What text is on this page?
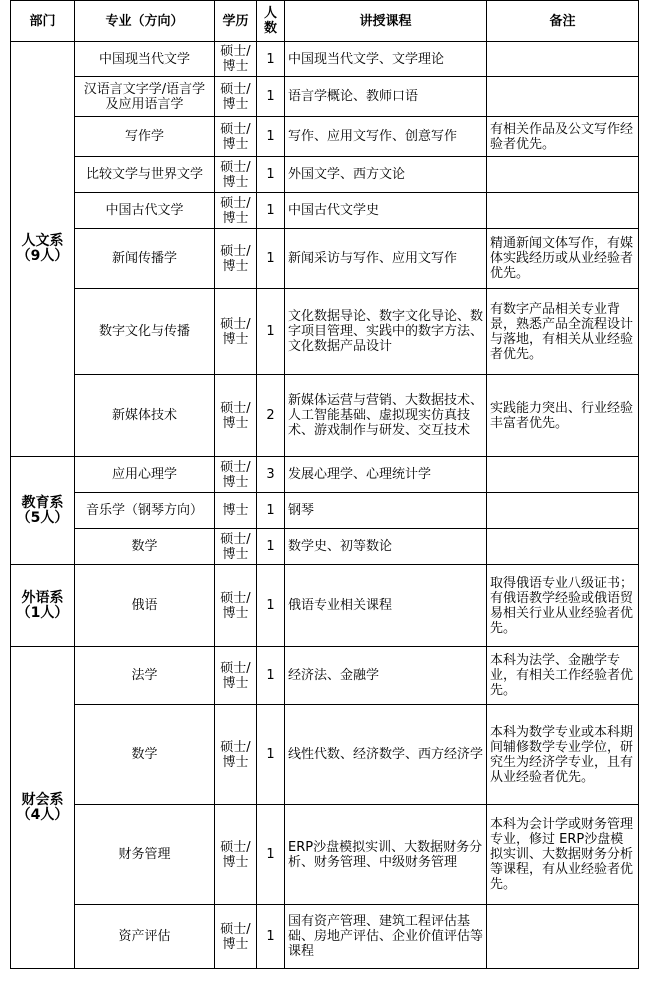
部门	专业（方向）	学历	人数	讲授课程	备注

人文系
（9人）	中国现当代文学	硕士/博士	1	中国现当代文学、文学理论	
	汉语言文字学/语言学及应用语言学	硕士/博士	1	语言学概论、教师口语	
	写作学	硕士/博士	1	写作、应用文写作、创意写作	有相关作品及公文写作经验者优先。
	比较文学与世界文学	硕士/博士	1	外国文学、西方文论	
	中国古代文学	硕士/博士	1	中国古代文学史	
	新闻传播学	硕士/博士	1	新闻采访与写作、应用文写作	精通新闻文体写作，有媒体实践经历或从业经验者优先。
	数字文化与传播	硕士/博士	1	文化数据导论、数字文化导论、数字项目管理、实践中的数字方法、文化数据产品设计	有数字产品相关专业背景，熟悉产品全流程设计与落地，有相关从业经验者优先。
	新媒体技术	硕士/博士	2	新媒体运营与营销、大数据技术、人工智能基础、虚拟现实仿真技术、游戏制作与研发、交互技术	实践能力突出、行业经验丰富者优先。

教育系
（5人）	应用心理学	硕士/博士	3	发展心理学、心理统计学	
	音乐学（钢琴方向）	博士	1	钢琴	
	数学	硕士/博士	1	数学史、初等数论	

外语系
（1人）	俄语	硕士/博士	1	俄语专业相关课程	取得俄语专业八级证书；有俄语教学经验或俄语贸易相关行业从业经验者优先。

财会系
（4人）	法学	硕士/博士	1	经济法、金融学	本科为法学、金融学专业，有相关工作经验者优先。
	数学	硕士/博士	1	线性代数、经济数学、西方经济学	本科为数学专业或本科期间辅修数学专业学位，研究生为经济学专业，且有从业经验者优先。
	财务管理	硕士/博士	1	ERP沙盘模拟实训、大数据财务分析、财务管理、中级财务管理	本科为会计学或财务管理专业，修过 ERP沙盘模拟实训、大数据财务分析等课程，有从业经验者优先。
	资产评估	硕士/博士	1	国有资产管理、建筑工程评估基础、房地产评估、企业价值评估等课程	
